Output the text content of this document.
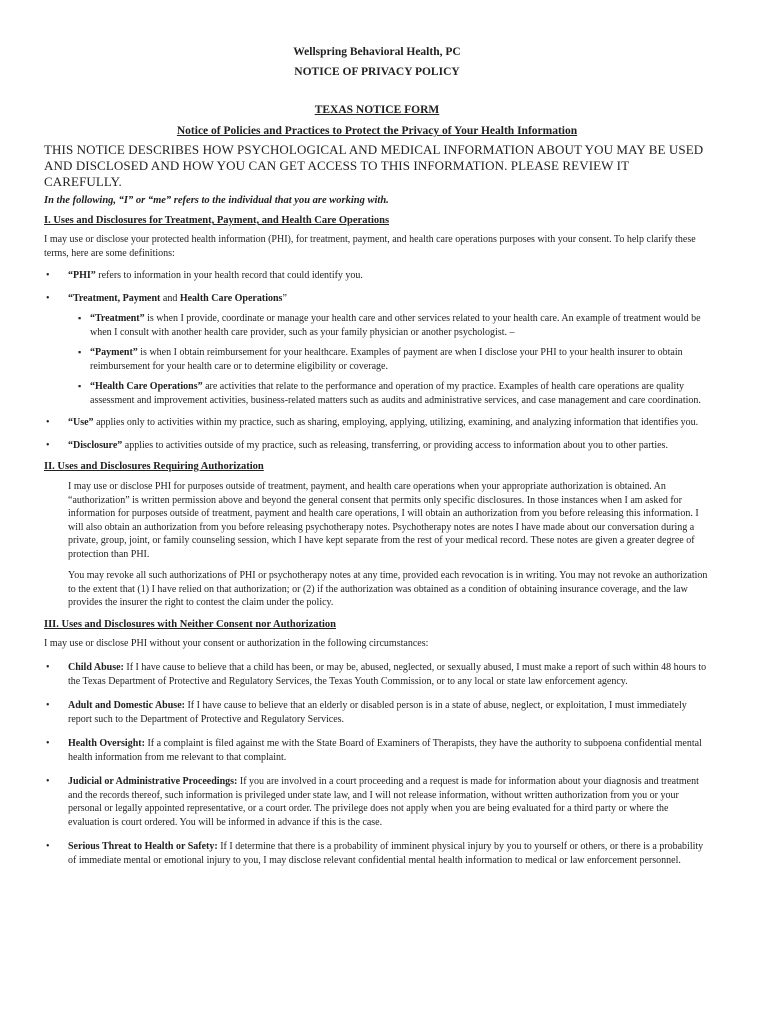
Wellspring Behavioral Health, PC
NOTICE OF PRIVACY POLICY
TEXAS NOTICE FORM
Notice of Policies and Practices to Protect the Privacy of Your Health Information

THIS NOTICE DESCRIBES HOW PSYCHOLOGICAL AND MEDICAL INFORMATION ABOUT YOU MAY BE USED AND DISCLOSED AND HOW YOU CAN GET ACCESS TO THIS INFORMATION. PLEASE REVIEW IT CAREFULLY.

In the following, “I” or “me” refers to the individual that you are working with.

I. Uses and Disclosures for Treatment, Payment, and Health Care Operations

I may use or disclose your protected health information (PHI), for treatment, payment, and health care operations purposes with your consent. To help clarify these terms, here are some definitions:

• “PHI” refers to information in your health record that could identify you.
• “Treatment, Payment and Health Care Operations”
▪ “Treatment” is when I provide, coordinate or manage your health care and other services related to your health care. An example of treatment would be when I consult with another health care provider, such as your family physician or another psychologist. –
▪ “Payment” is when I obtain reimbursement for your healthcare. Examples of payment are when I disclose your PHI to your health insurer to obtain reimbursement for your health care or to determine eligibility or coverage.
▪ “Health Care Operations” are activities that relate to the performance and operation of my practice. Examples of health care operations are quality assessment and improvement activities, business-related matters such as audits and administrative services, and case management and care coordination.
• “Use” applies only to activities within my practice, such as sharing, employing, applying, utilizing, examining, and analyzing information that identifies you.
• “Disclosure” applies to activities outside of my practice, such as releasing, transferring, or providing access to information about you to other parties.
II. Uses and Disclosures Requiring Authorization

I may use or disclose PHI for purposes outside of treatment, payment, and health care operations when your appropriate authorization is obtained. An “authorization” is written permission above and beyond the general consent that permits only specific disclosures. In those instances when I am asked for information for purposes outside of treatment, payment and health care operations, I will obtain an authorization from you before releasing this information. I will also obtain an authorization from you before releasing psychotherapy notes. Psychotherapy notes are notes I have made about our conversation during a private, group, joint, or family counseling session, which I have kept separate from the rest of your medical record. These notes are given a greater degree of protection than PHI.

You may revoke all such authorizations of PHI or psychotherapy notes at any time, provided each revocation is in writing. You may not revoke an authorization to the extent that (1) I have relied on that authorization; or (2) if the authorization was obtained as a condition of obtaining insurance coverage, and the law provides the insurer the right to contest the claim under the policy.

III. Uses and Disclosures with Neither Consent nor Authorization

I may use or disclose PHI without your consent or authorization in the following circumstances:

• Child Abuse: If I have cause to believe that a child has been, or may be, abused, neglected, or sexually abused, I must make a report of such within 48 hours to the Texas Department of Protective and Regulatory Services, the Texas Youth Commission, or to any local or state law enforcement agency.
• Adult and Domestic Abuse: If I have cause to believe that an elderly or disabled person is in a state of abuse, neglect, or exploitation, I must immediately report such to the Department of Protective and Regulatory Services.
• Health Oversight: If a complaint is filed against me with the State Board of Examiners of Therapists, they have the authority to subpoena confidential mental health information from me relevant to that complaint.
• Judicial or Administrative Proceedings: If you are involved in a court proceeding and a request is made for information about your diagnosis and treatment and the records thereof, such information is privileged under state law, and I will not release information, without written authorization from you or your personal or legally appointed representative, or a court order. The privilege does not apply when you are being evaluated for a third party or where the evaluation is court ordered. You will be informed in advance if this is the case.
• Serious Threat to Health or Safety: If I determine that there is a probability of imminent physical injury by you to yourself or others, or there is a probability of immediate mental or emotional injury to you, I may disclose relevant confidential mental health information to medical or law enforcement personnel.
